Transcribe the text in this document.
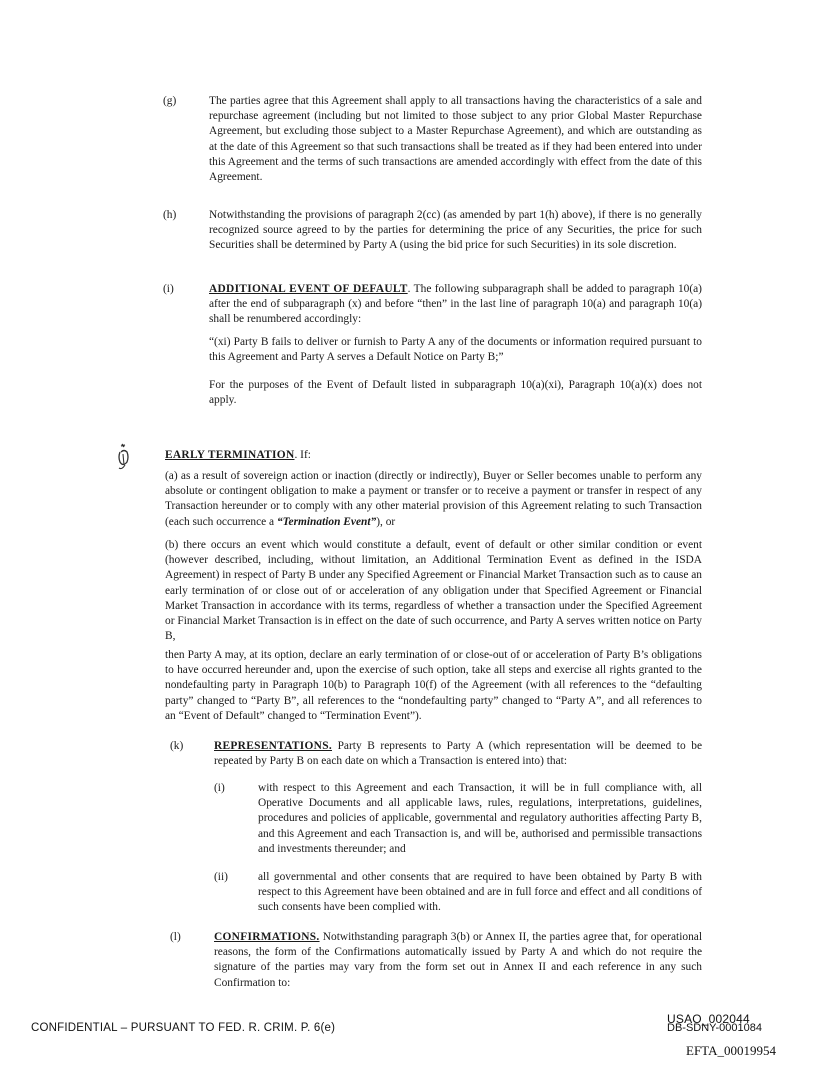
(g)	The parties agree that this Agreement shall apply to all transactions having the characteristics of a sale and repurchase agreement (including but not limited to those subject to any prior Global Master Repurchase Agreement, but excluding those subject to a Master Repurchase Agreement), and which are outstanding as at the date of this Agreement so that such transactions shall be treated as if they had been entered into under this Agreement and the terms of such transactions are amended accordingly with effect from the date of this Agreement.
(h)	Notwithstanding the provisions of paragraph 2(cc) (as amended by part 1(h) above), if there is no generally recognized source agreed to by the parties for determining the price of any Securities, the price for such Securities shall be determined by Party A (using the bid price for such Securities) in its sole discretion.
(i)	ADDITIONAL EVENT OF DEFAULT. The following subparagraph shall be added to paragraph 10(a) after the end of subparagraph (x) and before “then” in the last line of paragraph 10(a) and paragraph 10(a) shall be renumbered accordingly:
“(xi) Party B fails to deliver or furnish to Party A any of the documents or information required pursuant to this Agreement and Party A serves a Default Notice on Party B;”
For the purposes of the Event of Default listed in subparagraph 10(a)(xi), Paragraph 10(a)(x) does not apply.
EARLY TERMINATION. If:
(a) as a result of sovereign action or inaction (directly or indirectly), Buyer or Seller becomes unable to perform any absolute or contingent obligation to make a payment or transfer or to receive a payment or transfer in respect of any Transaction hereunder or to comply with any other material provision of this Agreement relating to such Transaction (each such occurrence a “Termination Event”), or
(b) there occurs an event which would constitute a default, event of default or other similar condition or event (however described, including, without limitation, an Additional Termination Event as defined in the ISDA Agreement) in respect of Party B under any Specified Agreement or Financial Market Transaction such as to cause an early termination of or close out of or acceleration of any obligation under that Specified Agreement or Financial Market Transaction in accordance with its terms, regardless of whether a transaction under the Specified Agreement or Financial Market Transaction is in effect on the date of such occurrence, and Party A serves written notice on Party B,
then Party A may, at its option, declare an early termination of or close-out of or acceleration of Party B’s obligations to have occurred hereunder and, upon the exercise of such option, take all steps and exercise all rights granted to the nondefaulting party in Paragraph 10(b) to Paragraph 10(f) of the Agreement (with all references to the “defaulting party” changed to “Party B”, all references to the “nondefaulting party” changed to “Party A”, and all references to an “Event of Default” changed to “Termination Event”).
(k)	REPRESENTATIONS. Party B represents to Party A (which representation will be deemed to be repeated by Party B on each date on which a Transaction is entered into) that:
(i)	with respect to this Agreement and each Transaction, it will be in full compliance with, all Operative Documents and all applicable laws, rules, regulations, interpretations, guidelines, procedures and policies of applicable, governmental and regulatory authorities affecting Party B, and this Agreement and each Transaction is, and will be, authorised and permissible transactions and investments thereunder; and
(ii)	all governmental and other consents that are required to have been obtained by Party B with respect to this Agreement have been obtained and are in full force and effect and all conditions of such consents have been complied with.
(l)	CONFIRMATIONS. Notwithstanding paragraph 3(b) or Annex II, the parties agree that, for operational reasons, the form of the Confirmations automatically issued by Party A and which do not require the signature of the parties may vary from the form set out in Annex II and each reference in any such Confirmation to:
CONFIDENTIAL – PURSUANT TO FED. R. CRIM. P. 6(e)
USAO_002044
DB-SDNY-0001084
EFTA_00019954
